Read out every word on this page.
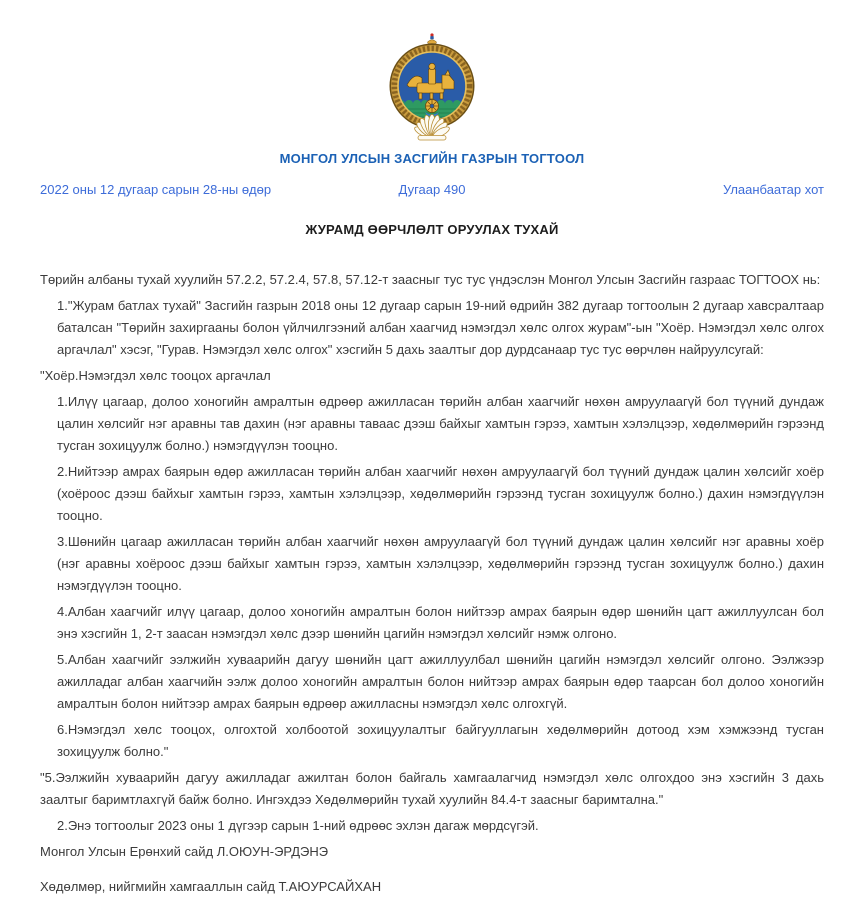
МОНГОЛ УЛСЫН ЗАСГИЙН ГАЗРЫН ТОГТООЛ
2022 оны 12 дугаар сарын 28-ны өдөр	Дугаар 490	Улаанбаатар хот
ЖУРАМД ӨӨРЧЛӨЛТ ОРУУЛАХ ТУХАЙ

Төрийн албаны тухай хуулийн 57.2.2, 57.2.4, 57.8, 57.12-т заасныг тус тус үндэслэн Монгол Улсын Засгийн газраас ТОГТООХ нь:

1."Журам батлах тухай" Засгийн газрын 2018 оны 12 дугаар сарын 19-ний өдрийн 382 дугаар тогтоолын 2 дугаар хавсралтаар баталсан "Төрийн захиргааны болон үйлчилгээний албан хаагчид нэмэгдэл хөлс олгох журам"-ын "Хоёр. Нэмэгдэл хөлс олгох аргачлал" хэсэг, "Гурав. Нэмэгдэл хөлс олгох" хэсгийн 5 дахь заалтыг дор дурдсанаар тус тус өөрчлөн найруулсугай:

"Хоёр.Нэмэгдэл хөлс тооцох аргачлал

1.Илүү цагаар, долоо хоногийн амралтын өдрөөр ажилласан төрийн албан хаагчийг нөхөн амруулаагүй бол түүний дундаж цалин хөлсийг нэг аравны тав дахин (нэг аравны таваас дээш байхыг хамтын гэрээ, хамтын хэлэлцээр, хөдөлмөрийн гэрээнд тусган зохицуулж болно.) нэмэгдүүлэн тооцно.

2.Нийтээр амрах баярын өдөр ажилласан төрийн албан хаагчийг нөхөн амруулаагүй бол түүний дундаж цалин хөлсийг хоёр (хоёроос дээш байхыг хамтын гэрээ, хамтын хэлэлцээр, хөдөлмөрийн гэрээнд тусган зохицуулж болно.) дахин нэмэгдүүлэн тооцно.

3.Шөнийн цагаар ажилласан төрийн албан хаагчийг нөхөн амруулаагүй бол түүний дундаж цалин хөлсийг нэг аравны хоёр (нэг аравны хоёроос дээш байхыг хамтын гэрээ, хамтын хэлэлцээр, хөдөлмөрийн гэрээнд тусган зохицуулж болно.) дахин нэмэгдүүлэн тооцно.

4.Албан хаагчийг илүү цагаар, долоо хоногийн амралтын болон нийтээр амрах баярын өдөр шөнийн цагт ажиллуулсан бол энэ хэсгийн 1, 2-т заасан нэмэгдэл хөлс дээр шөнийн цагийн нэмэгдэл хөлсийг нэмж олгоно.

5.Албан хаагчийг ээлжийн хуваарийн дагуу шөнийн цагт ажиллуулбал шөнийн цагийн нэмэгдэл хөлсийг олгоно. Ээлжээр ажилладаг албан хаагчийн ээлж долоо хоногийн амралтын болон нийтээр амрах баярын өдөр таарсан бол долоо хоногийн амралтын болон нийтээр амрах баярын өдрөөр ажилласны нэмэгдэл хөлс олгохгүй.

6.Нэмэгдэл хөлс тооцох, олгохтой холбоотой зохицуулалтыг байгууллагын хөдөлмөрийн дотоод хэм хэмжээнд тусган зохицуулж болно."

"5.Ээлжийн хуваарийн дагуу ажилладаг ажилтан болон байгаль хамгаалагчид нэмэгдэл хөлс олгохдоо энэ хэсгийн 3 дахь заалтыг баримтлахгүй байж болно. Ингэхдээ Хөдөлмөрийн тухай хуулийн 84.4-т заасныг баримтална."

2.Энэ тогтоолыг 2023 оны 1 дүгээр сарын 1-ний өдрөөс эхлэн дагаж мөрдсүгэй.

Монгол Улсын Ерөнхий сайд Л.ОЮУН-ЭРДЭНЭ

Хөдөлмөр, нийгмийн хамгааллын сайд Т.АЮУРСАЙХАН
